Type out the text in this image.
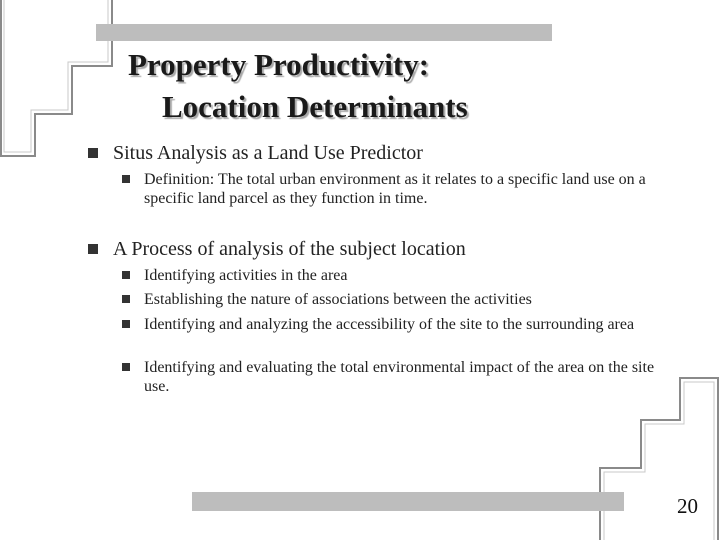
Property Productivity:
Location Determinants
Situs Analysis as a Land Use Predictor
Definition: The total urban environment as it relates to a specific land use on a specific land parcel as they function in time.
A Process of analysis of the subject location
Identifying activities in the area
Establishing the nature of associations between the activities
Identifying and analyzing the accessibility of the site to the surrounding area
Identifying and evaluating the total environmental impact of the area on the site use.
20
